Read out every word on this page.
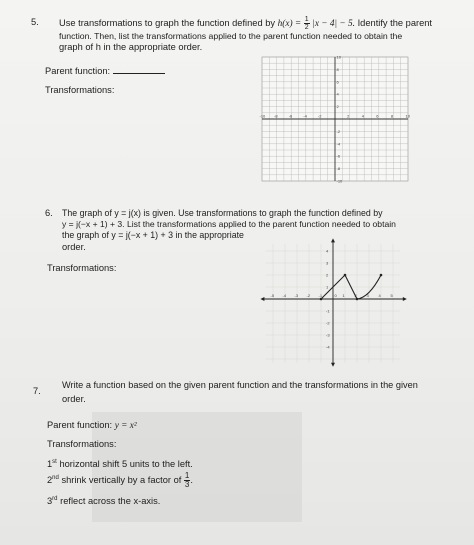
5. Use transformations to graph the function defined by $h(x) = \frac{1}{2} |x - 4| - 5$. Identify the parent
function. Then, list the transformations applied to the parent function needed to obtain the
graph of h in the appropriate order.
Parent function:
Transformations:
-10 -8	-6	-4	-2	2	4	6	8	10
10
8
6
4
2
-2
-4
-6
-8
-10
6. The graph of y = j(x) is given. Use transformations to graph the function defined by
y = j(−x + 1) + 3. List the transformations applied to the parent function needed to obtain
the graph of y = j(−x + 1) + 3 in the appropriate
order.
Transformations:
-5 -4 -3 -2 -1	1 2 3 4 5
4
3
2
1
-1
-2
-3
-4
0
7.
Write a function based on the given parent function and the transformations in the given
order.
Parent function: y = x²
Transformations:
1st horizontal shift 5 units to the left.
2nd shrink vertically by a factor of $\frac{1}{3}$ .
3rd reflect across the x-axis.
